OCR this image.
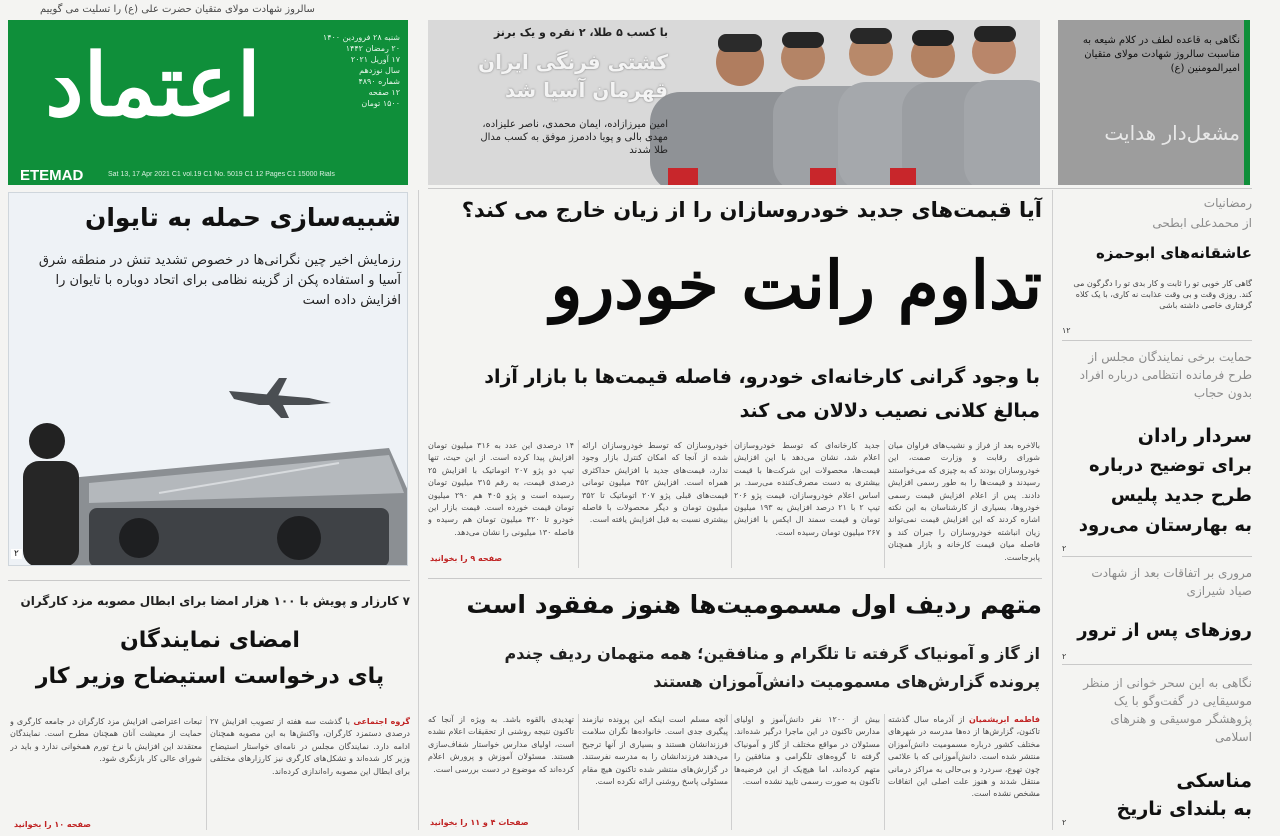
سالروز شهادت مولای متقیان حضرت علی (ع) را تسلیت می گوییم
اعتماد	شنبه ۲۸ فروردین ۱۴۰۰
۲۰ رمضان ۱۴۴۲
۱۷ آوریل ۲۰۲۱
سال نوزدهم
شماره ۴۸۹۰
۱۲ صفحه
۱۵۰۰ تومان
ETEMAD	Sat 13, 17 Apr 2021 C1 vol.19 C1 No. 5019 C1 12 Pages C1 15000 Rials
با کسب ۵ طلا، ۲ نقره و یک برنز
کشتی فرنگی ایران
قهرمان آسیا شد
امین میرزازاده، ایمان محمدی، ناصر علیزاده، مهدی بالی و پویا دادمرز موفق به کسب مدال طلا شدند
نگاهی به قاعده لطف در کلام شیعه به مناسبت سالروز شهادت مولای متقیان امیرالمومنین (ع)
مشعل‌دار هدایت
شبیه‌سازی حمله به تایوان
رزمایش اخیر چین نگرانی‌ها در خصوص تشدید تنش در منطقه شرق آسیا و استفاده پکن از گزینه نظامی برای اتحاد دوباره با تایوان را افزایش داده است
۲
۷ کارزار و پویش با ۱۰۰ هزار امضا برای ابطال مصوبه مزد کارگران
امضای نمایندگان
پای درخواست استیضاح وزیر کار
گروه اجتماعی با گذشت سه هفته از تصویب افزایش ۲۷ درصدی دستمزد کارگران، واکنش‌ها به این مصوبه همچنان ادامه دارد. نمایندگان مجلس در نامه‌ای خواستار استیضاح وزیر کار شده‌اند و تشکل‌های کارگری نیز کارزارهای مختلفی برای ابطال این مصوبه راه‌اندازی کرده‌اند.
تبعات اعتراضی افزایش مزد کارگران در جامعه کارگری و حمایت از معیشت آنان همچنان مطرح است. نمایندگان معتقدند این افزایش با نرخ تورم همخوانی ندارد و باید در شورای عالی کار بازنگری شود.
صفحه ۱۰ را بخوانید
آیا قیمت‌های جدید خودروسازان را از زیان خارج می کند؟
تداوم رانت خودرو
با وجود گرانی کارخانه‌ای خودرو، فاصله قیمت‌ها با بازار آزاد
مبالغ کلانی نصیب دلالان می کند
بالاخره بعد از فراز و نشیب‌های فراوان میان شورای رقابت و وزارت صمت، این خودروسازان بودند که به چیزی که می‌خواستند رسیدند و قیمت‌ها را به طور رسمی افزایش دادند. پس از اعلام افزایش قیمت رسمی خودروها، بسیاری از کارشناسان به این نکته اشاره کردند که این افزایش قیمت نمی‌تواند زیان انباشته خودروسازان را جبران کند و فاصله میان قیمت کارخانه و بازار همچنان پابرجاست.
جدید کارخانه‌ای که توسط خودروسازان اعلام شد، نشان می‌دهد با این افزایش قیمت‌ها، محصولات این شرکت‌ها با قیمت بیشتری به دست مصرف‌کننده می‌رسد. بر اساس اعلام خودروسازان، قیمت پژو ۲۰۶ تیپ ۲ با ۲۱ درصد افزایش به ۱۹۳ میلیون تومان و قیمت سمند ال ایکس با افزایش ۲۶۷ میلیون تومان رسیده است.
خودروسازان که توسط خودروسازان ارائه شده از آنجا که امکان کنترل بازار وجود ندارد، قیمت‌های جدید با افزایش حداکثری همراه است. افزایش ۴۵۲ میلیون تومانی قیمت‌های قبلی پژو ۲۰۷ اتوماتیک تا ۳۵۲ میلیون تومان و دیگر محصولات با فاصله بیشتری نسبت به قبل افزایش یافته است.
۱۴ درصدی این عدد به ۳۱۶ میلیون تومان افزایش پیدا کرده است. از این حیث، تنها تیپ دو پژو ۲۰۷ اتوماتیک با افزایش ۲۵ درصدی قیمت، به رقم ۳۱۵ میلیون تومان رسیده است و پژو ۴۰۵ هم ۲۹۰ میلیون تومان قیمت خورده است. قیمت بازار این خودرو تا ۴۲۰ میلیون تومان هم رسیده و فاصله ۱۳۰ میلیونی را نشان می‌دهد.
صفحه ۹ را بخوانید
متهم ردیف اول مسمومیت‌ها هنوز مفقود است
از گاز و آمونیاک گرفته تا تلگرام و منافقین؛ همه متهمان ردیف چندم
پرونده گزارش‌های مسمومیت دانش‌آموزان هستند
فاطمه ابریشمیان از آذرماه سال گذشته تاکنون، گزارش‌ها از ده‌ها مدرسه در شهرهای مختلف کشور درباره مسمومیت دانش‌آموزان منتشر شده است. دانش‌آموزانی که با علائمی چون تهوع، سردرد و بی‌حالی به مراکز درمانی منتقل شدند و هنوز علت اصلی این اتفاقات مشخص نشده است.
بیش از ۱۲۰۰ نفر دانش‌آموز و اولیای مدارس تاکنون در این ماجرا درگیر شده‌اند. مسئولان در مواقع مختلف از گاز و آمونیاک گرفته تا گروه‌های تلگرامی و منافقین را متهم کرده‌اند، اما هیچ‌یک از این فرضیه‌ها تاکنون به صورت رسمی تایید نشده است.
آنچه مسلم است اینکه این پرونده نیازمند پیگیری جدی است. خانواده‌ها نگران سلامت فرزندانشان هستند و بسیاری از آنها ترجیح می‌دهند فرزندانشان را به مدرسه نفرستند. در گزارش‌های منتشر شده تاکنون هیچ مقام مسئولی پاسخ روشنی ارائه نکرده است.
تهدیدی بالقوه باشد. به ویژه از آنجا که تاکنون نتیجه روشنی از تحقیقات اعلام نشده است، اولیای مدارس خواستار شفاف‌سازی هستند. مسئولان آموزش و پرورش اعلام کرده‌اند که موضوع در دست بررسی است.
صفحات ۴ و ۱۱ را بخوانید
رمضانیات
از محمدعلی ابطحی
عاشقانه‌های ابوحمزه
گاهی کار خوبی تو را ثابت و کار بدی تو را دگرگون می کند. روزی وقت و بی وقت عذابت نه کاری، با یک کلاه گرفتاری خاصی داشته باشی
۱۲
حمایت برخی نمایندگان مجلس از طرح فرمانده انتظامی درباره افراد بدون حجاب
سردار رادان
برای توضیح درباره
طرح جدید پلیس
به بهارستان می‌رود
۲
مروری بر اتفاقات بعد از شهادت صیاد شیرازی
روزهای پس از ترور
۲
نگاهی به این سحر خوانی از منظر موسیقایی در گفت‌وگو با یک پژوهشگر موسیقی و هنرهای اسلامی
مناسکی
به بلندای تاریخ
۲
